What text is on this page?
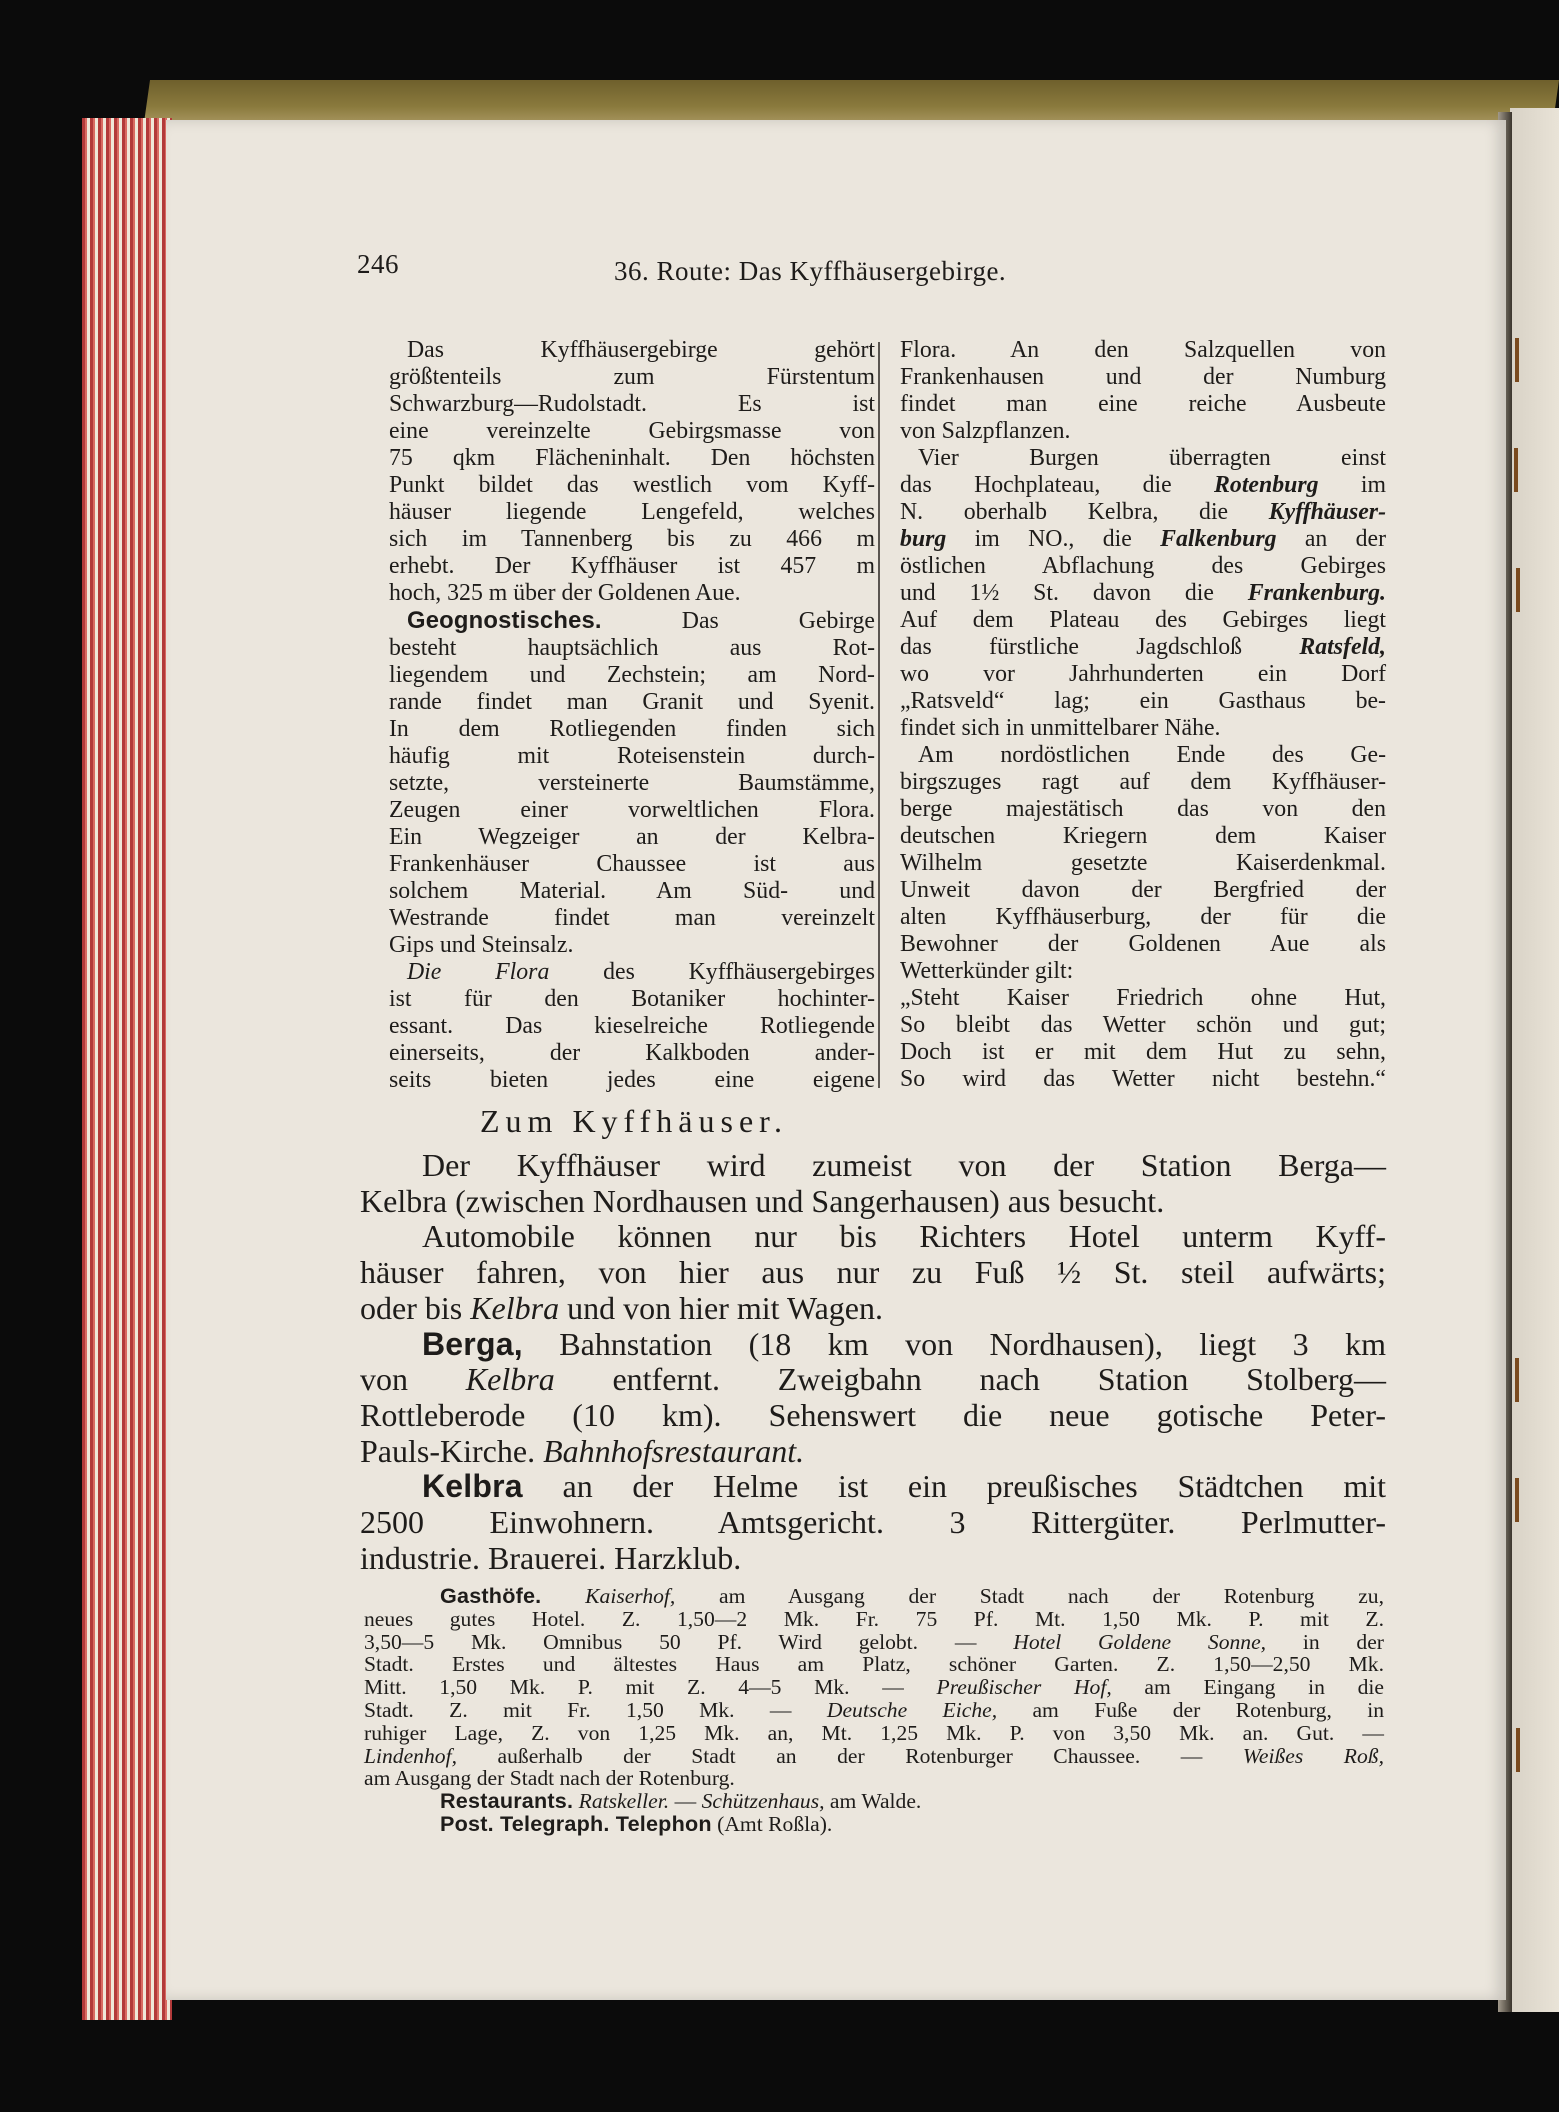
246	36. Route: Das Kyffhäusergebirge.
Das Kyffhäusergebirge gehört
größtenteils zum Fürstentum
Schwarzburg—Rudolstadt. Es ist
eine vereinzelte Gebirgsmasse von
75 qkm Flächeninhalt. Den höchsten
Punkt bildet das westlich vom Kyff-
häuser liegende Lengefeld, welches
sich im Tannenberg bis zu 466 m
erhebt. Der Kyffhäuser ist 457 m
hoch, 325 m über der Goldenen Aue.
Geognostisches. Das Gebirge
besteht hauptsächlich aus Rot-
liegendem und Zechstein; am Nord-
rande findet man Granit und Syenit.
In dem Rotliegenden finden sich
häufig mit Roteisenstein durch-
setzte, versteinerte Baumstämme,
Zeugen einer vorweltlichen Flora.
Ein Wegzeiger an der Kelbra-
Frankenhäuser Chaussee ist aus
solchem Material. Am Süd- und
Westrande findet man vereinzelt
Gips und Steinsalz.
Die Flora des Kyffhäusergebirges
ist für den Botaniker hochinter-
essant. Das kieselreiche Rotliegende
einerseits, der Kalkboden ander-
seits bieten jedes eine eigene
Flora. An den Salzquellen von
Frankenhausen und der Numburg
findet man eine reiche Ausbeute
von Salzpflanzen.
Vier Burgen überragten einst
das Hochplateau, die Rotenburg im
N. oberhalb Kelbra, die Kyffhäuser-
burg im NO., die Falkenburg an der
östlichen Abflachung des Gebirges
und 1½ St. davon die Frankenburg.
Auf dem Plateau des Gebirges liegt
das fürstliche Jagdschloß Ratsfeld,
wo vor Jahrhunderten ein Dorf
„Ratsveld“ lag; ein Gasthaus be-
findet sich in unmittelbarer Nähe.
Am nordöstlichen Ende des Ge-
birgszuges ragt auf dem Kyffhäuser-
berge majestätisch das von den
deutschen Kriegern dem Kaiser
Wilhelm gesetzte Kaiserdenkmal.
Unweit davon der Bergfried der
alten Kyffhäuserburg, der für die
Bewohner der Goldenen Aue als
Wetterkünder gilt:
„Steht Kaiser Friedrich ohne Hut,
So bleibt das Wetter schön und gut;
Doch ist er mit dem Hut zu sehn,
So wird das Wetter nicht bestehn.“
Zum Kyffhäuser.
Der Kyffhäuser wird zumeist von der Station Berga—
Kelbra (zwischen Nordhausen und Sangerhausen) aus besucht.
Automobile können nur bis Richters Hotel unterm Kyff-
häuser fahren, von hier aus nur zu Fuß ½ St. steil aufwärts;
oder bis Kelbra und von hier mit Wagen.
Berga, Bahnstation (18 km von Nordhausen), liegt 3 km
von Kelbra entfernt. Zweigbahn nach Station Stolberg—
Rottleberode (10 km). Sehenswert die neue gotische Peter-
Pauls-Kirche. Bahnhofsrestaurant.
Kelbra an der Helme ist ein preußisches Städtchen mit
2500 Einwohnern. Amtsgericht. 3 Rittergüter. Perlmutter-
industrie. Brauerei. Harzklub.
Gasthöfe. Kaiserhof, am Ausgang der Stadt nach der Rotenburg zu,
neues gutes Hotel. Z. 1,50—2 Mk. Fr. 75 Pf. Mt. 1,50 Mk. P. mit Z.
3,50—5 Mk. Omnibus 50 Pf. Wird gelobt. — Hotel Goldene Sonne, in der
Stadt. Erstes und ältestes Haus am Platz, schöner Garten. Z. 1,50—2,50 Mk.
Mitt. 1,50 Mk. P. mit Z. 4—5 Mk. — Preußischer Hof, am Eingang in die
Stadt. Z. mit Fr. 1,50 Mk. — Deutsche Eiche, am Fuße der Rotenburg, in
ruhiger Lage, Z. von 1,25 Mk. an, Mt. 1,25 Mk. P. von 3,50 Mk. an. Gut. —
Lindenhof, außerhalb der Stadt an der Rotenburger Chaussee. — Weißes Roß,
am Ausgang der Stadt nach der Rotenburg.
Restaurants. Ratskeller. — Schützenhaus, am Walde.
Post. Telegraph. Telephon (Amt Roßla).
